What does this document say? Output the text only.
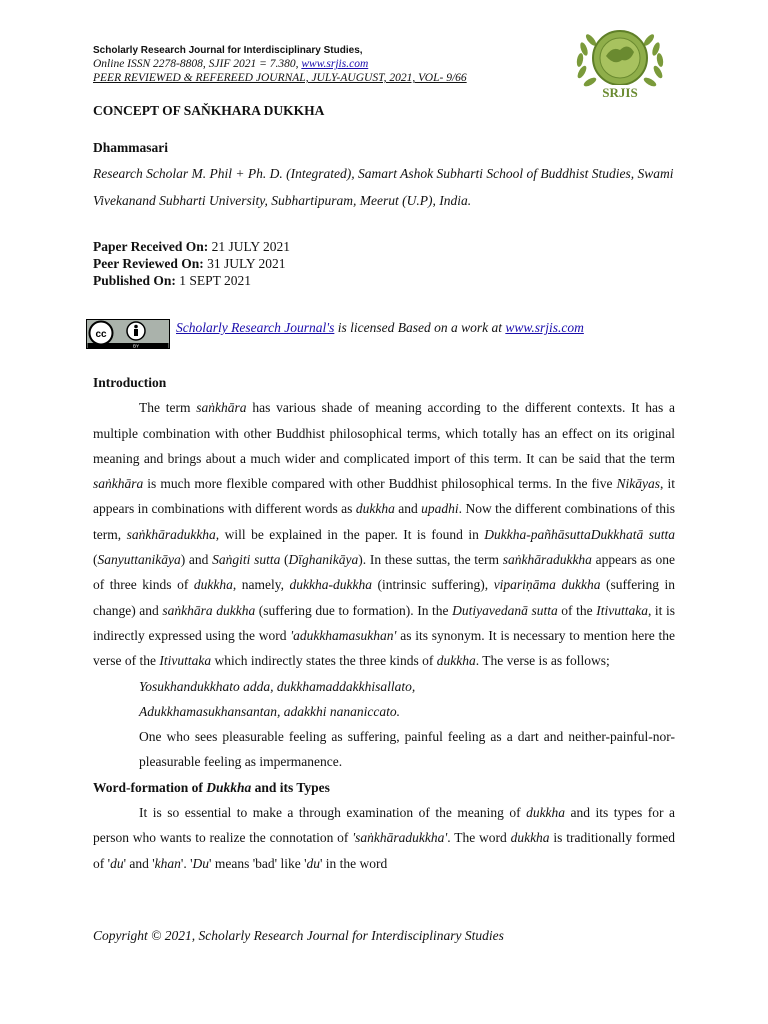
Scholarly Research Journal for Interdisciplinary Studies,
Online ISSN 2278-8808, SJIF 2021 = 7.380, www.srjis.com
PEER REVIEWED & REFEREED JOURNAL, JULY-AUGUST, 2021, VOL- 9/66
SRJIS
CONCEPT OF SAŇKHARA DUKKHA
Dhammasari
Research Scholar M. Phil + Ph. D. (Integrated), Samart Ashok Subharti School of Buddhist Studies, Swami Vivekanand Subharti University, Subhartipuram, Meerut (U.P), India.
Paper Received On: 21 JULY 2021
Peer Reviewed On: 31 JULY 2021
Published On: 1 SEPT 2021
cc
BY
Scholarly Research Journal's is licensed Based on a work at www.srjis.com

Introduction

The term saṅkhāra has various shade of meaning according to the different contexts. It has a multiple combination with other Buddhist philosophical terms, which totally has an effect on its original meaning and brings about a much wider and complicated import of this term. It can be said that the term saṅkhāra is much more flexible compared with other Buddhist philosophical terms. In the five Nikāyas, it appears in combinations with different words as dukkha and upadhi. Now the different combinations of this term, saṅkhāradukkha, will be explained in the paper. It is found in Dukkha-pañhāsuttaDukkhatā sutta (Sanyuttanikāya) and Saṅgiti sutta (Dīghanikāya). In these suttas, the term saṅkhāradukkha appears as one of three kinds of dukkha, namely, dukkha-dukkha (intrinsic suffering), vipariṇāma dukkha (suffering in change) and saṅkhāra dukkha (suffering due to formation). In the Dutiyavedanā sutta of the Itivuttaka, it is indirectly expressed using the word 'adukkhamasukhan' as its synonym. It is necessary to mention here the verse of the Itivuttaka which indirectly states the three kinds of dukkha. The verse is as follows;

Yosukhandukkhato adda, dukkhamaddakkhisallato,

Adukkhamasukhansantan, adakkhi nananiccato.

One who sees pleasurable feeling as suffering, painful feeling as a dart and neither-painful-nor-pleasurable feeling as impermanence.

Word-formation of Dukkha and its Types

It is so essential to make a through examination of the meaning of dukkha and its types for a person who wants to realize the connotation of 'saṅkhāradukkha'. The word dukkha is traditionally formed of 'du' and 'khan'. 'Du' means 'bad' like 'du' in the word

Copyright © 2021, Scholarly Research Journal for Interdisciplinary Studies
